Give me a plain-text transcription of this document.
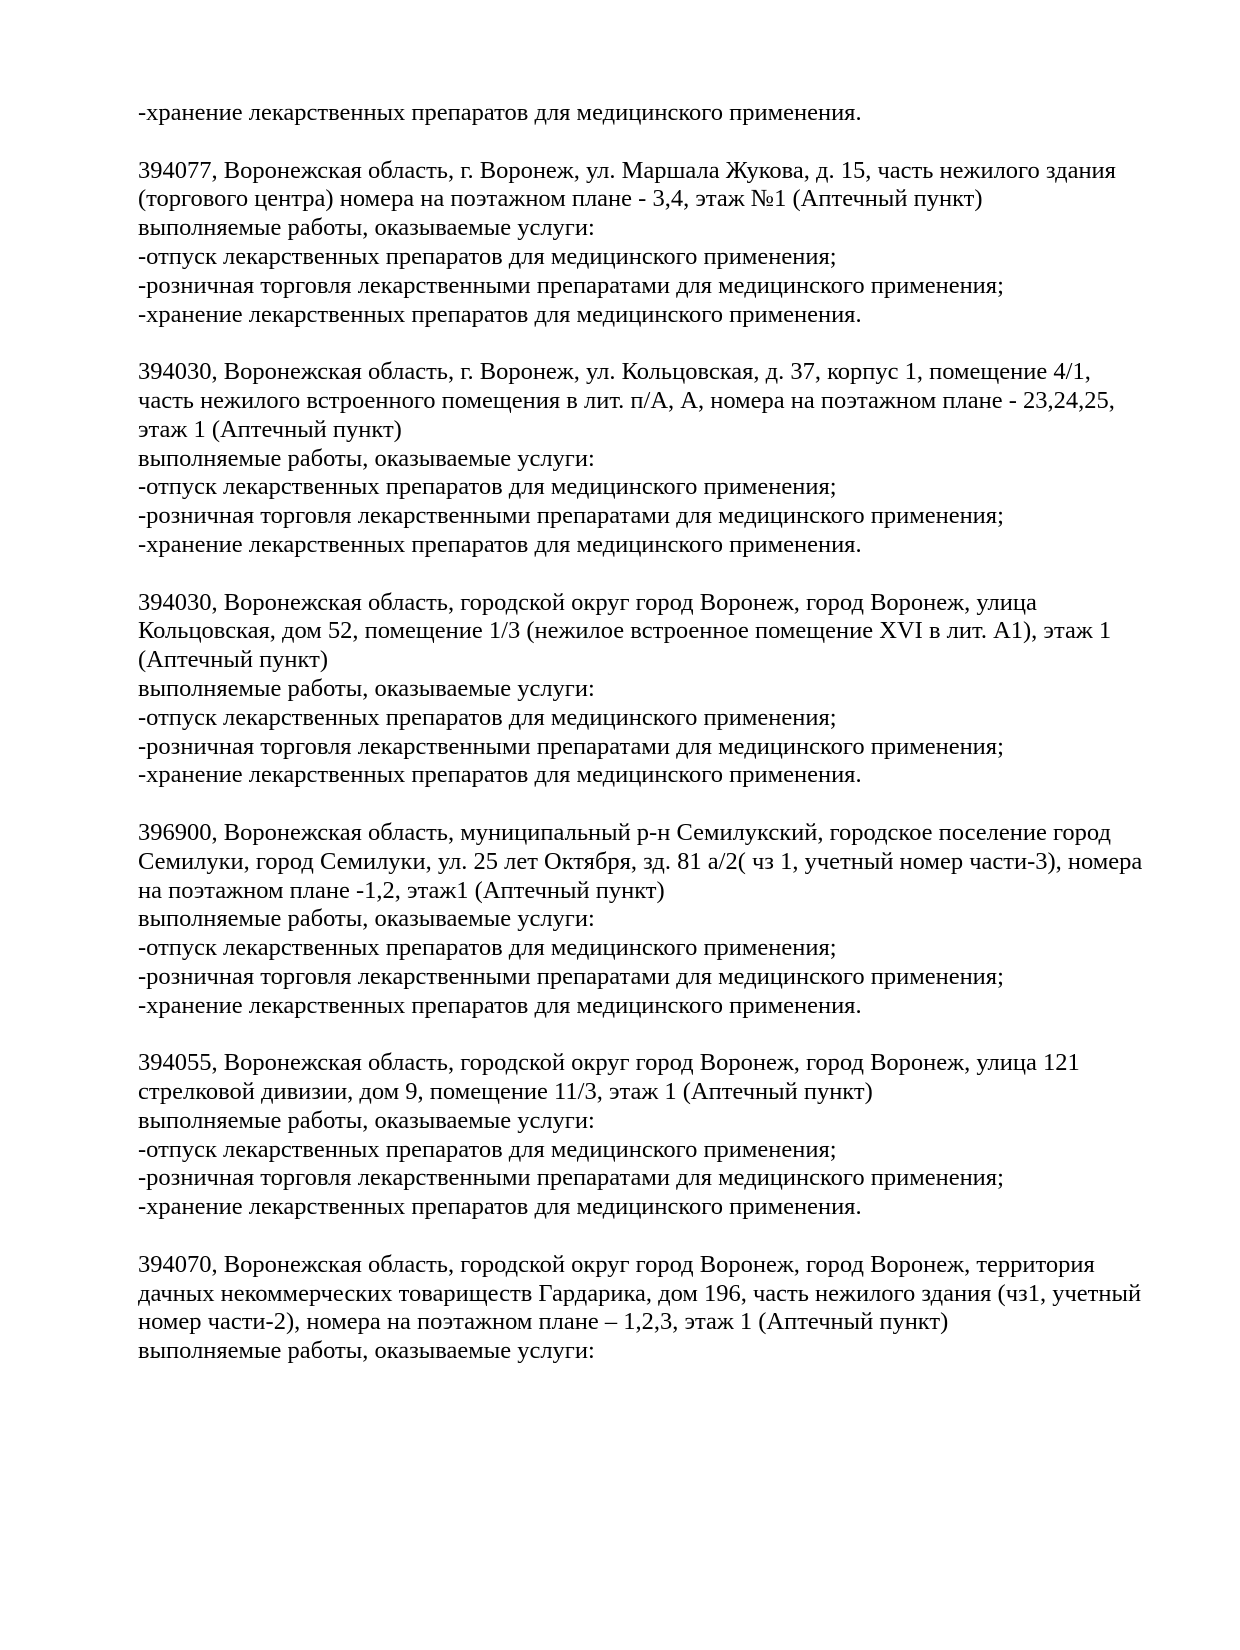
-хранение лекарственных препаратов для медицинского применения.
394077, Воронежская область, г. Воронеж, ул. Маршала Жукова, д. 15, часть нежилого здания
(торгового центра) номера на поэтажном плане - 3,4, этаж №1 (Аптечный пункт)
выполняемые работы, оказываемые услуги:
-отпуск лекарственных препаратов для медицинского применения;
-розничная торговля лекарственными препаратами для медицинского применения;
-хранение лекарственных препаратов для медицинского применения.
394030, Воронежская область, г. Воронеж, ул. Кольцовская, д. 37, корпус 1, помещение 4/1,
часть нежилого встроенного помещения в лит. п/А, А, номера на поэтажном плане - 23,24,25,
этаж 1 (Аптечный пункт)
выполняемые работы, оказываемые услуги:
-отпуск лекарственных препаратов для медицинского применения;
-розничная торговля лекарственными препаратами для медицинского применения;
-хранение лекарственных препаратов для медицинского применения.
394030, Воронежская область, городской округ город Воронеж, город Воронеж, улица
Кольцовская, дом 52, помещение 1/3 (нежилое встроенное помещение XVI в лит. А1), этаж 1
(Аптечный пункт)
выполняемые работы, оказываемые услуги:
-отпуск лекарственных препаратов для медицинского применения;
-розничная торговля лекарственными препаратами для медицинского применения;
-хранение лекарственных препаратов для медицинского применения.
396900, Воронежская область, муниципальный р-н Семилукский, городское поселение город
Семилуки, город Семилуки, ул. 25 лет Октября, зд. 81 а/2( чз 1, учетный номер части-3), номера
на поэтажном плане -1,2, этаж1 (Аптечный пункт)
выполняемые работы, оказываемые услуги:
-отпуск лекарственных препаратов для медицинского применения;
-розничная торговля лекарственными препаратами для медицинского применения;
-хранение лекарственных препаратов для медицинского применения.
394055, Воронежская область, городской округ город Воронеж, город Воронеж, улица 121
стрелковой дивизии, дом 9, помещение 11/3, этаж 1 (Аптечный пункт)
выполняемые работы, оказываемые услуги:
-отпуск лекарственных препаратов для медицинского применения;
-розничная торговля лекарственными препаратами для медицинского применения;
-хранение лекарственных препаратов для медицинского применения.
394070, Воронежская область, городской округ город Воронеж, город Воронеж, территория
дачных некоммерческих товариществ Гардарика, дом 196, часть нежилого здания (чз1, учетный
номер части-2), номера на поэтажном плане – 1,2,3, этаж 1 (Аптечный пункт)
выполняемые работы, оказываемые услуги:
